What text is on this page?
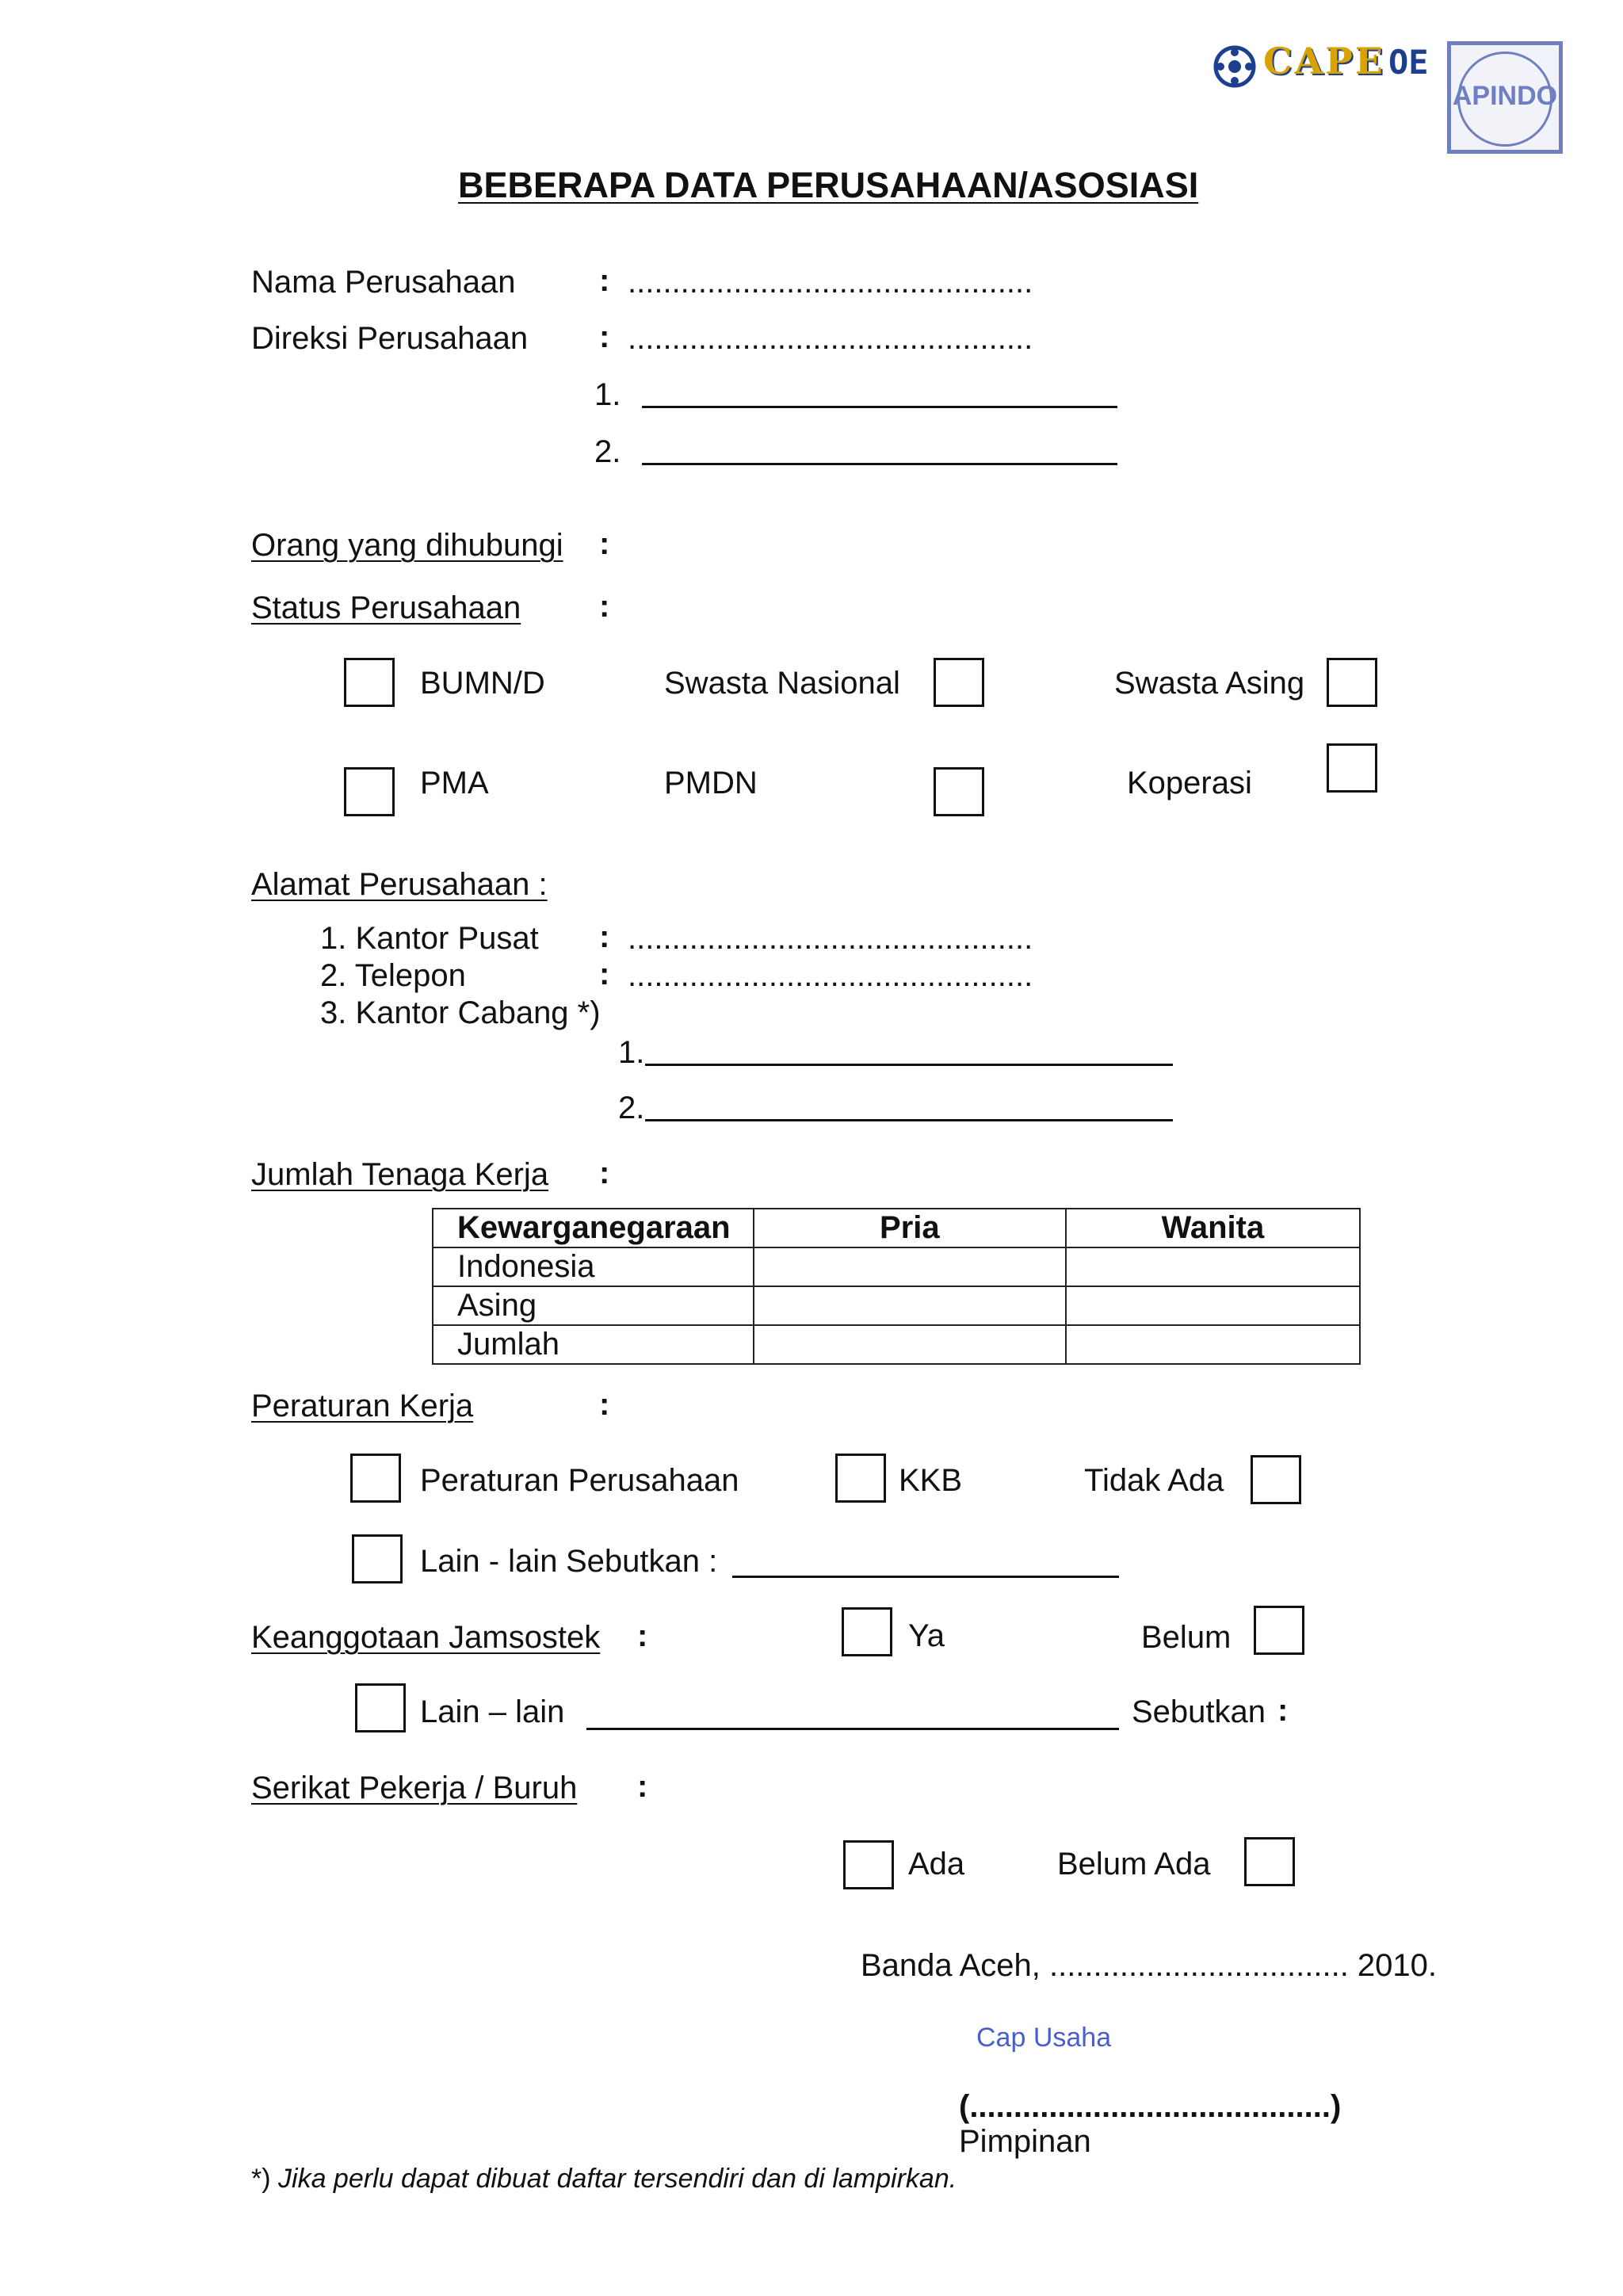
CAPE OE
APINDO
BEBERAPA DATA PERUSAHAAN/ASOSIASI
Nama Perusahaan	: ..............................................
Direksi Perusahaan : ..............................................
1.
2.
Orang yang dihubungi :
Status Perusahaan :
BUMN/D	Swasta Nasional	Swasta Asing
PMA	PMDN	Koperasi
Alamat Perusahaan :
1. Kantor Pusat : ..............................................
2. Telepon	: ..............................................
3. Kantor Cabang *)
1.
2.
Jumlah Tenaga Kerja :
Kewarganegaraan	Pria	Wanita
Indonesia		
Asing		
Jumlah		
Peraturan Kerja	:
Peraturan Perusahaan	KKB	Tidak Ada
Lain - lain Sebutkan :
Keanggotaan Jamsostek :	Ya	Belum
Lain – lain	Sebutkan :
Serikat Pekerja / Buruh :
Ada	Belum Ada
Banda Aceh, .................................. 2010.
Cap Usaha
(.........................................)
Pimpinan
*) Jika perlu dapat dibuat daftar tersendiri dan di lampirkan.
